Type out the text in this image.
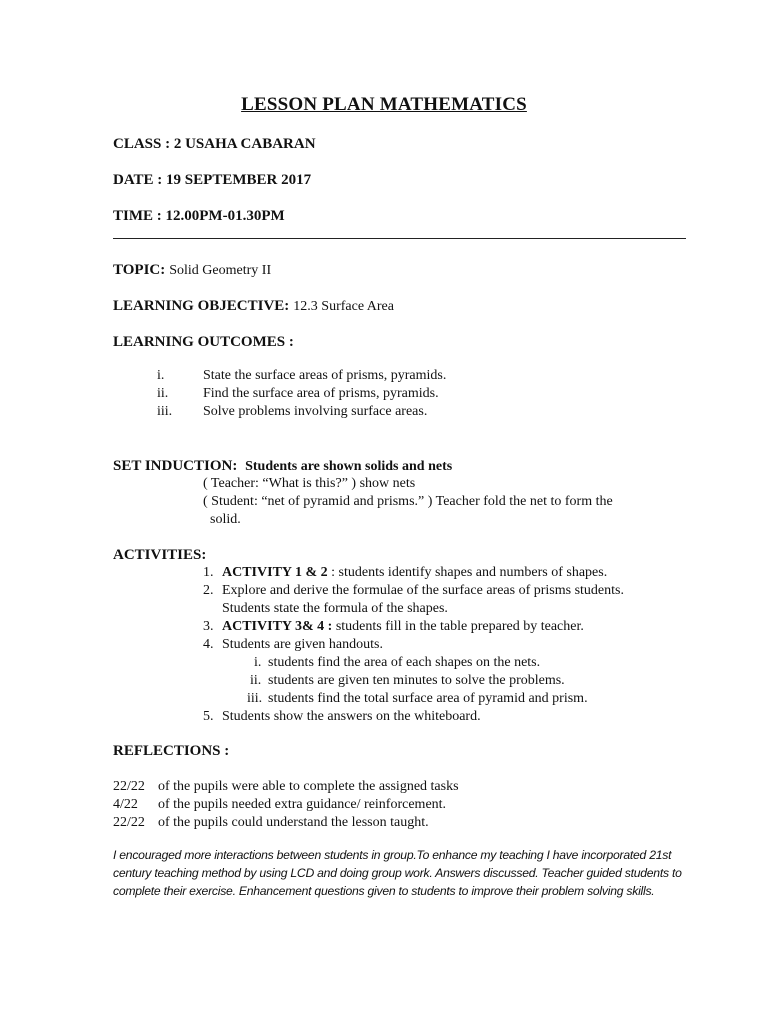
LESSON PLAN MATHEMATICS
CLASS : 2 USAHA CABARAN
DATE : 19 SEPTEMBER 2017
TIME : 12.00PM-01.30PM
TOPIC: Solid Geometry II
LEARNING OBJECTIVE: 12.3 Surface Area
LEARNING OUTCOMES :
i.	State the surface areas of prisms, pyramids.
ii. Find the surface area of prisms, pyramids.
iii. Solve problems involving surface areas.
SET INDUCTION: Students are shown solids and nets
( Teacher: “What is this?” ) show nets
( Student: “net of pyramid and prisms.” ) Teacher fold the net to form the
solid.
ACTIVITIES:
1. ACTIVITY 1 & 2 : students identify shapes and numbers of shapes.
2. Explore and derive the formulae of the surface areas of prisms students.
Students state the formula of the shapes.
3. ACTIVITY 3& 4 : students fill in the table prepared by teacher.
4. Students are given handouts.
i. students find the area of each shapes on the nets.
ii. students are given ten minutes to solve the problems.
iii. students find the total surface area of pyramid and prism.
5. Students show the answers on the whiteboard.
REFLECTIONS :
22/22 of the pupils were able to complete the assigned tasks
4/22 of the pupils needed extra guidance/ reinforcement.
22/22 of the pupils could understand the lesson taught.
I encouraged more interactions between students in group.To enhance my teaching I have incorporated 21st
century teaching method by using LCD and doing group work. Answers discussed. Teacher guided students to
complete their exercise. Enhancement questions given to students to improve their problem solving skills.
